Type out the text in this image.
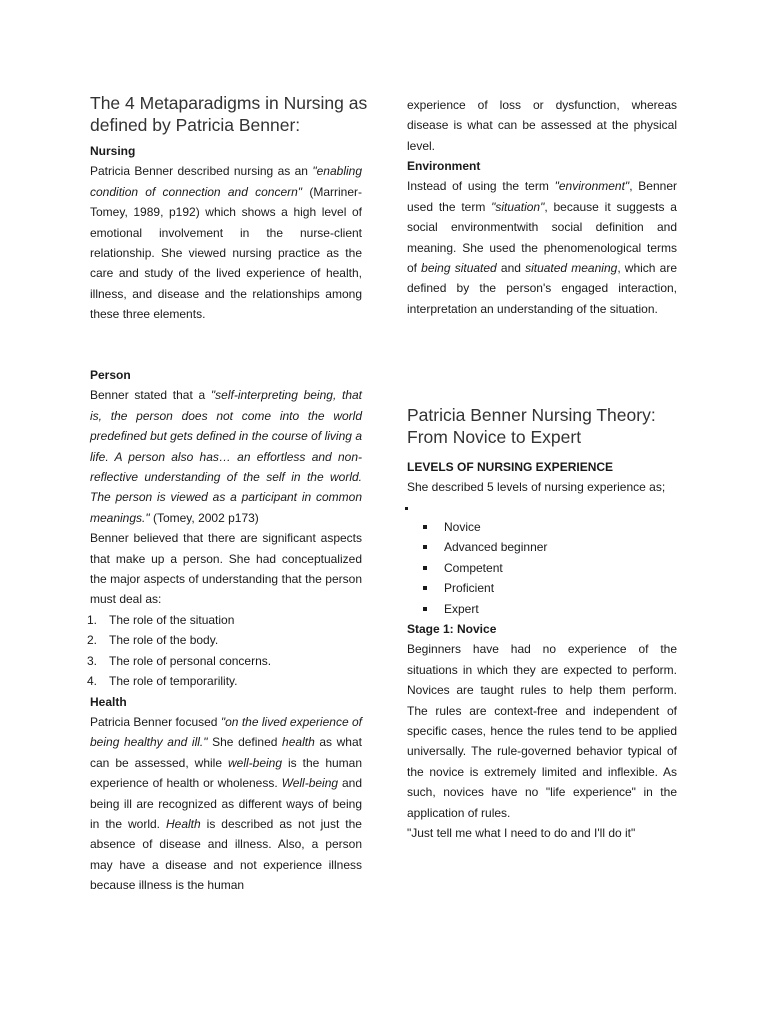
The 4 Metaparadigms in Nursing as

defined by Patricia Benner:

Nursing

Patricia Benner described nursing as an "enabling condition of connection and concern" (Marriner-Tomey, 1989, p192) which shows a high level of emotional involvement in the nurse-client relationship. She viewed nursing practice as the care and study of the lived experience of health, illness, and disease and the relationships among these three elements.

Person

Benner stated that a "self-interpreting being, that is, the person does not come into the world predefined but gets defined in the course of living a life. A person also has… an effortless and non-reflective understanding of the self in the world. The person is viewed as a participant in common meanings." (Tomey, 2002 p173)

Benner believed that there are significant aspects that make up a person. She had conceptualized the major aspects of understanding that the person must deal as:

1. The role of the situation
2. The role of the body.
3. The role of personal concerns.
4. The role of temporarility.

Health

Patricia Benner focused "on the lived experience of being healthy and ill." She defined health as what can be assessed, while well-being is the human experience of health or wholeness. Well-being and being ill are recognized as different ways of being in the world. Health is described as not just the absence of disease and illness. Also, a person may have a disease and not experience illness because illness is the human

experience of loss or dysfunction, whereas disease is what can be assessed at the physical level.

Environment

Instead of using the term "environment", Benner used the term "situation", because it suggests a social environmentwith social definition and meaning. She used the phenomenological terms of being situated and situated meaning, which are defined by the person's engaged interaction, interpretation an understanding of the situation.

Patricia Benner Nursing Theory:

From Novice to Expert

LEVELS OF NURSING EXPERIENCE

She described 5 levels of nursing experience as;

Novice
Advanced beginner
Competent
Proficient
Expert

Stage 1: Novice

Beginners have had no experience of the situations in which they are expected to perform. Novices are taught rules to help them perform. The rules are context-free and independent of specific cases, hence the rules tend to be applied universally. The rule-governed behavior typical of the novice is extremely limited and inflexible. As such, novices have no "life experience" in the application of rules.

"Just tell me what I need to do and I'll do it"
